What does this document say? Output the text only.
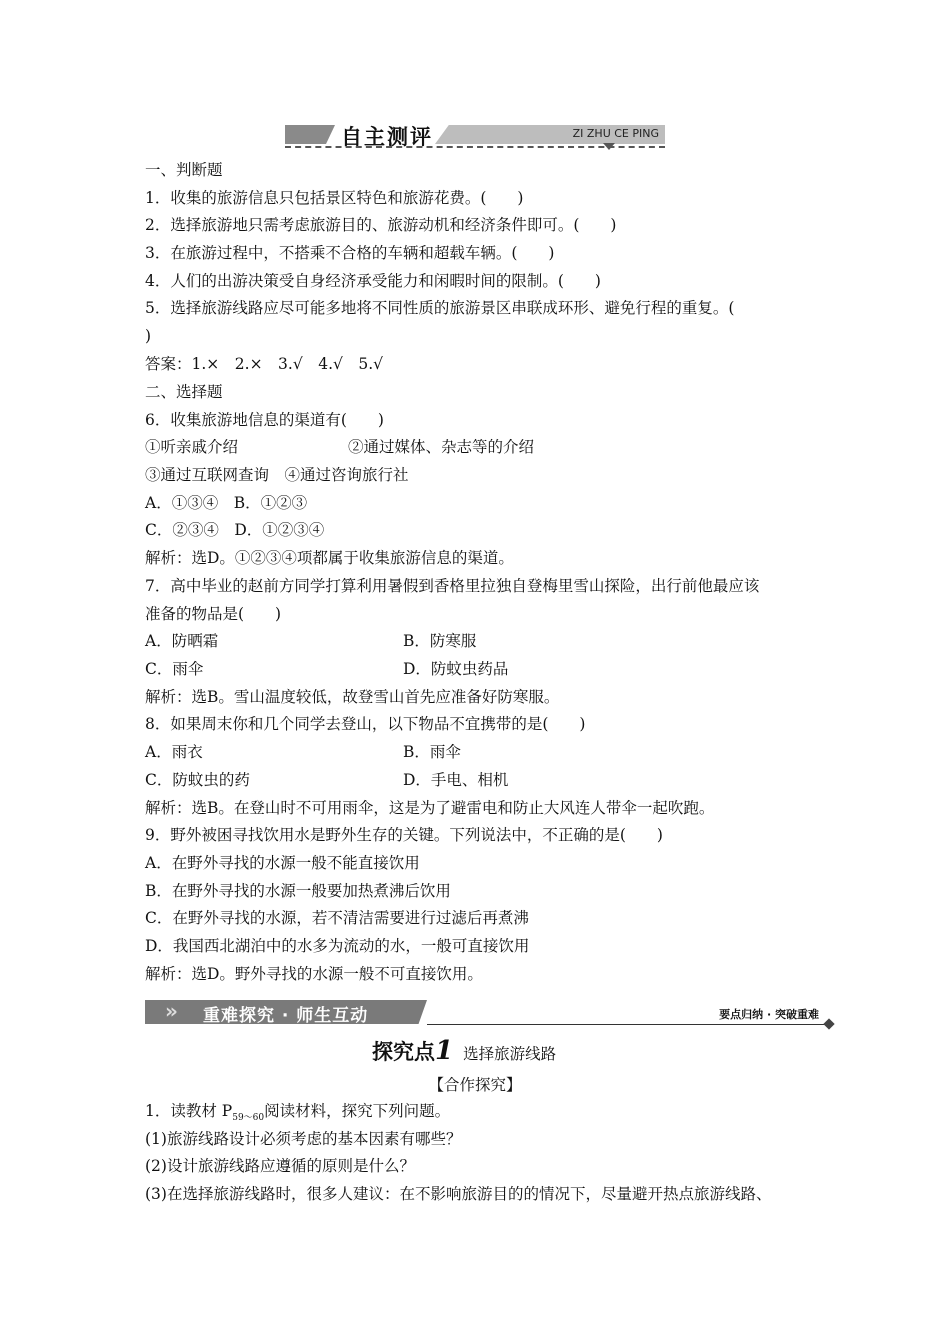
自主测评	ZI ZHU CE PING
一、判断题
1．收集的旅游信息只包括景区特色和旅游花费。(　　)
2．选择旅游地只需考虑旅游目的、旅游动机和经济条件即可。(　　)
3．在旅游过程中，不搭乘不合格的车辆和超载车辆。(　　)
4．人们的出游决策受自身经济承受能力和闲暇时间的限制。(　　)
5．选择旅游线路应尽可能多地将不同性质的旅游景区串联成环形、避免行程的重复。(
)
答案：1.×　2.×　3.√　4.√　5.√
二、选择题
6．收集旅游地信息的渠道有(　　)
①听亲戚介绍	②通过媒体、杂志等的介绍
③通过互联网查询　④通过咨询旅行社
A．①③④　B．①②③
C．②③④　D．①②③④
解析：选D。①②③④项都属于收集旅游信息的渠道。
7．高中毕业的赵前方同学打算利用暑假到香格里拉独自登梅里雪山探险，出行前他最应该
准备的物品是(　　)
A．防晒霜	B．防寒服
C．雨伞	D．防蚊虫药品
解析：选B。雪山温度较低，故登雪山首先应准备好防寒服。
8．如果周末你和几个同学去登山，以下物品不宜携带的是(　　)
A．雨衣	B．雨伞
C．防蚊虫的药	D．手电、相机
解析：选B。在登山时不可用雨伞，这是为了避雷电和防止大风连人带伞一起吹跑。
9．野外被困寻找饮用水是野外生存的关键。下列说法中，不正确的是(　　)
A．在野外寻找的水源一般不能直接饮用
B．在野外寻找的水源一般要加热煮沸后饮用
C．在野外寻找的水源，若不清洁需要进行过滤后再煮沸
D．我国西北湖泊中的水多为流动的水，一般可直接饮用
解析：选D。野外寻找的水源一般不可直接饮用。
» 重难探究 · 师生互动	要点归纳 · 突破重难
探究点1 选择旅游线路
【合作探究】
1．读教材 $P_{59\sim 60}$阅读材料，探究下列问题。
(1)旅游线路设计必须考虑的基本因素有哪些？
(2)设计旅游线路应遵循的原则是什么？
(3)在选择旅游线路时，很多人建议：在不影响旅游目的的情况下，尽量避开热点旅游线路、
